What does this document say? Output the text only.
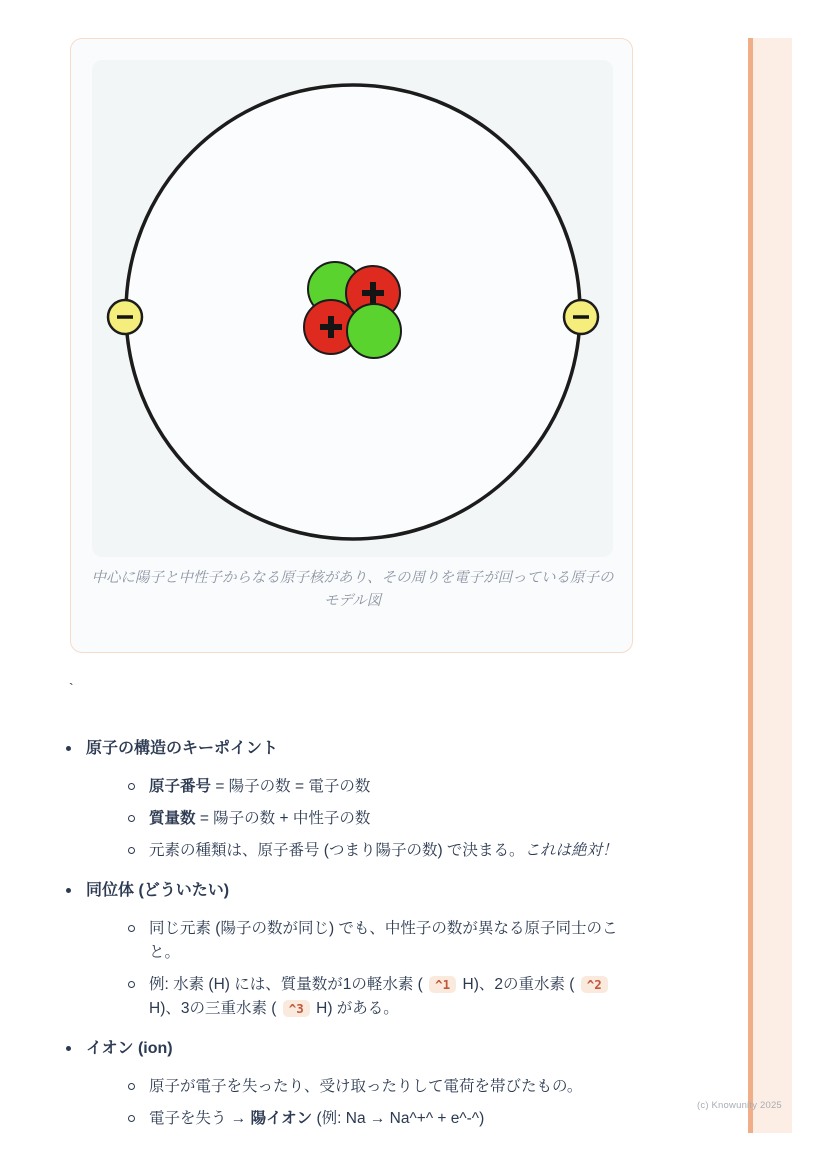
中心に陽子と中性子からなる原子核があり、その周りを電子が回っている原子のモデル図

`
原子の構造のキーポイント
原子番号 = 陽子の数 = 電子の数
質量数 = 陽子の数 + 中性子の数
元素の種類は、原子番号 (つまり陽子の数) で決まる。これは絶対！
同位体 (どういたい)
同じ元素 (陽子の数が同じ) でも、中性子の数が異なる原子同士のこと。
例: 水素 (H) には、質量数が1の軽水素 ( ^1 H)、2の重水素 ( ^2 H)、3の三重水素 ( ^3 H) がある。
イオン (ion)
原子が電子を失ったり、受け取ったりして電荷を帯びたもの。
電子を失う → 陽イオン (例: Na → Na^+^ + e^-^)
(c) Knowunity 2025
